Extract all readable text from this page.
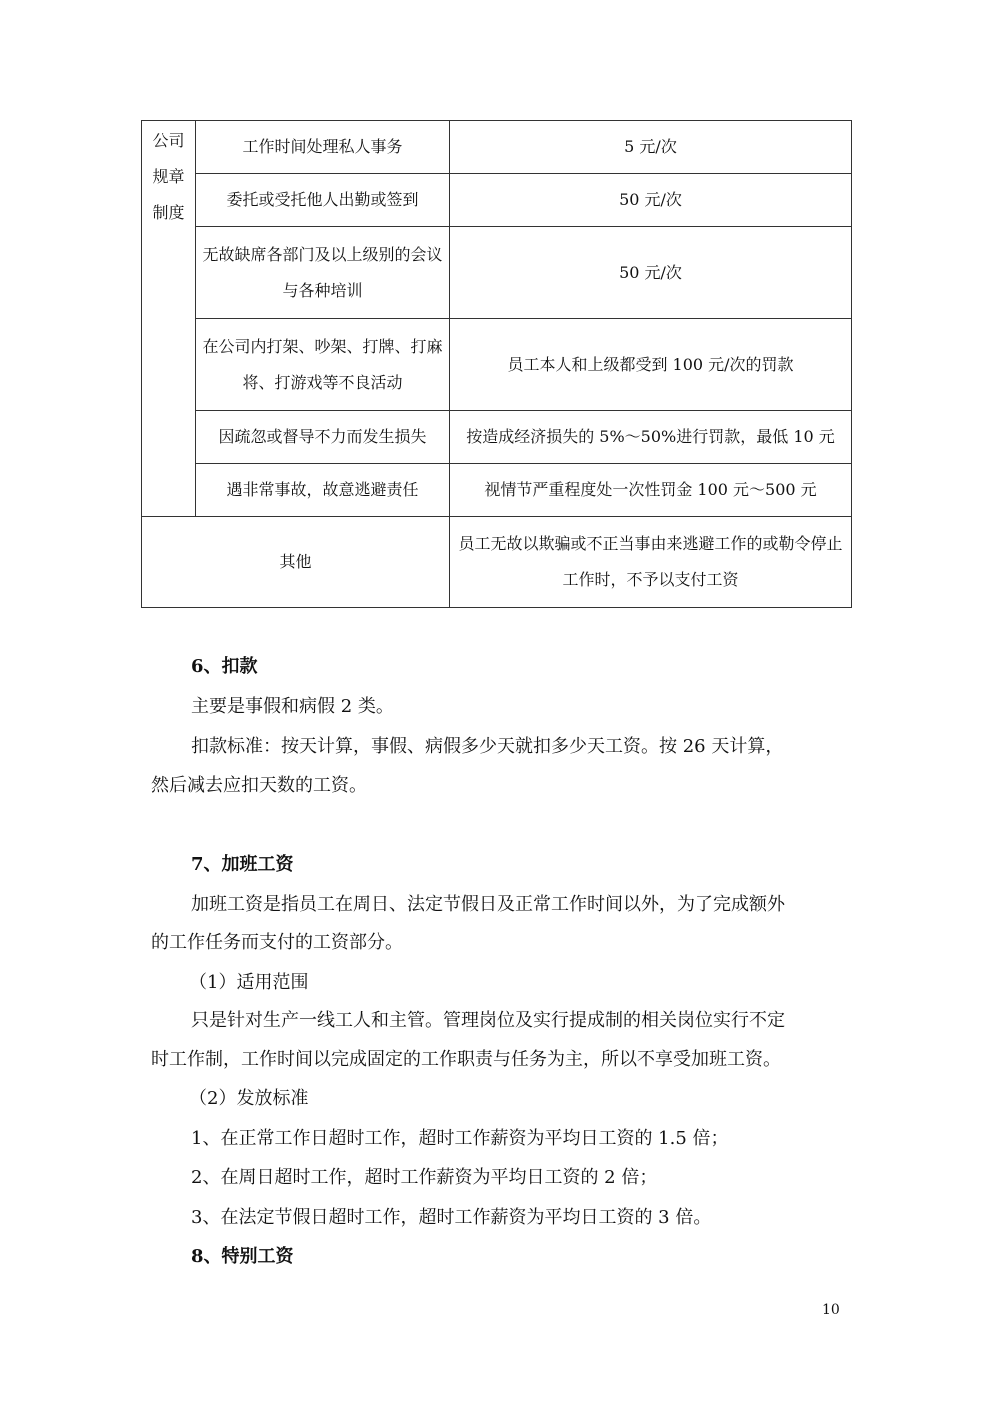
公司规章制度	工作时间处理私人事务	5 元/次
	委托或受托他人出勤或签到	50 元/次
	无故缺席各部门及以上级别的会议与各种培训	50 元/次
	在公司内打架、吵架、打牌、打麻将、打游戏等不良活动	员工本人和上级都受到 100 元/次的罚款
	因疏忽或督导不力而发生损失	按造成经济损失的 5%～50%进行罚款，最低 10 元
	遇非常事故，故意逃避责任	视情节严重程度处一次性罚金 100 元～500 元
其他		员工无故以欺骗或不正当事由来逃避工作的或勒令停止工作时，不予以支付工资
6、扣款
主要是事假和病假 2 类。
扣款标准：按天计算，事假、病假多少天就扣多少天工资。按 26 天计算，
然后减去应扣天数的工资。
7、加班工资
加班工资是指员工在周日、法定节假日及正常工作时间以外，为了完成额外
的工作任务而支付的工资部分。
（1）适用范围
只是针对生产一线工人和主管。管理岗位及实行提成制的相关岗位实行不定
时工作制，工作时间以完成固定的工作职责与任务为主，所以不享受加班工资。
（2）发放标准
1、在正常工作日超时工作，超时工作薪资为平均日工资的 1.5 倍；
2、在周日超时工作，超时工作薪资为平均日工资的 2 倍；
3、在法定节假日超时工作，超时工作薪资为平均日工资的 3 倍。
8、特别工资
10
